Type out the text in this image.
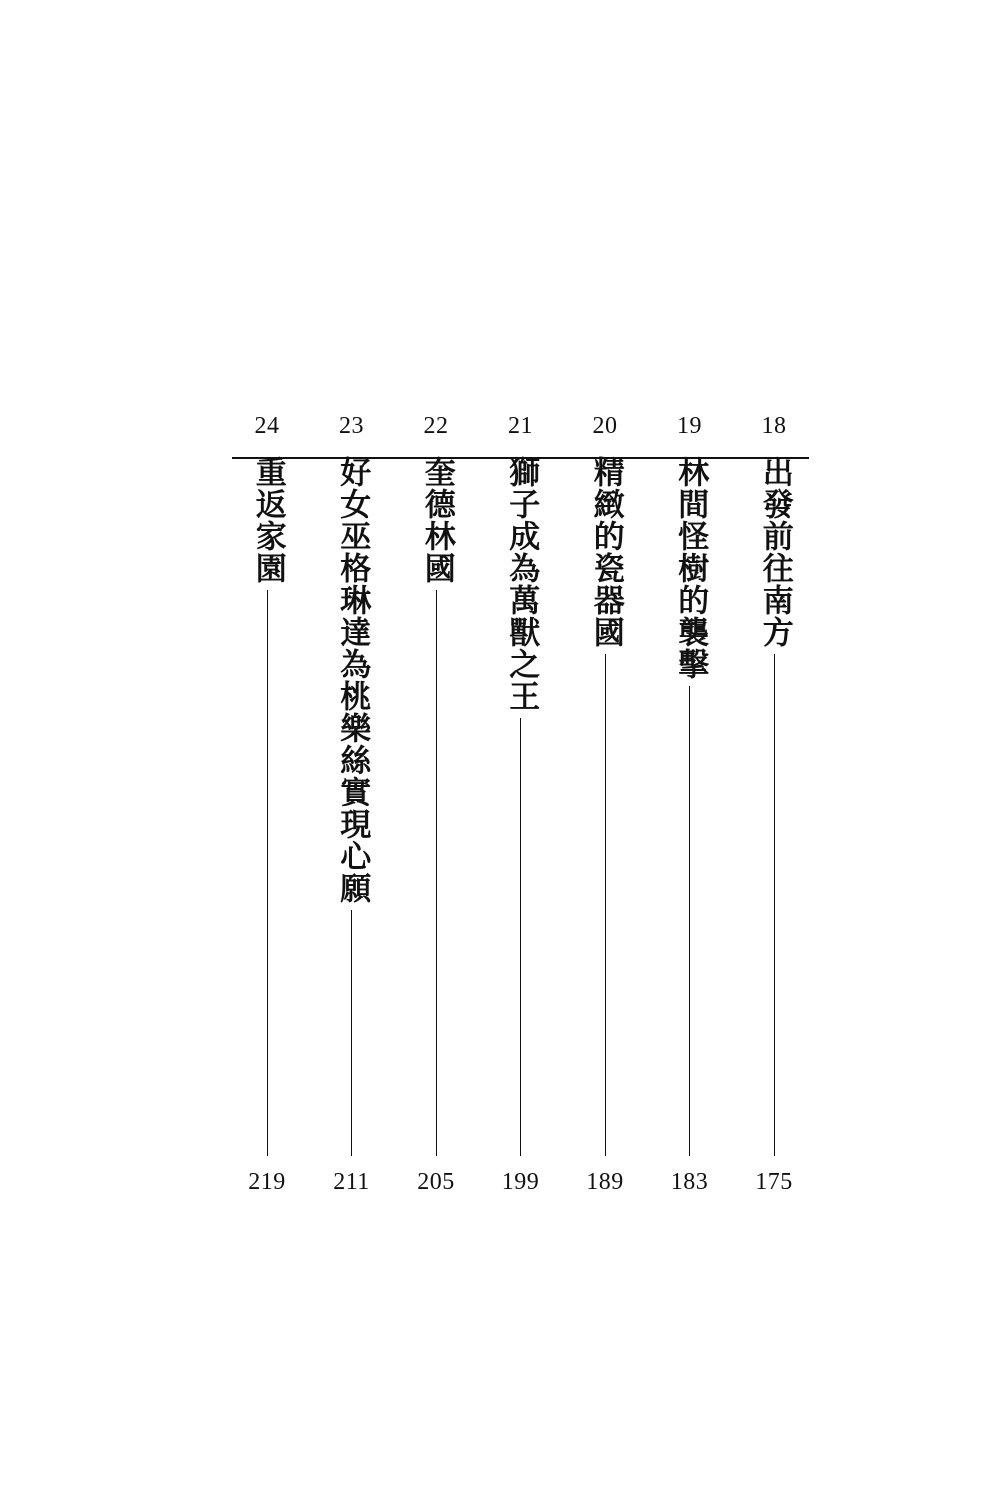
18
出發前往南方
175
19
林間怪樹的襲擊
183
20
精緻的瓷器國
189
21
獅子成為萬獸之王
199
22
奎德林國
205
23
好女巫格琳達為桃樂絲實現心願
211
24
重返家園
219
